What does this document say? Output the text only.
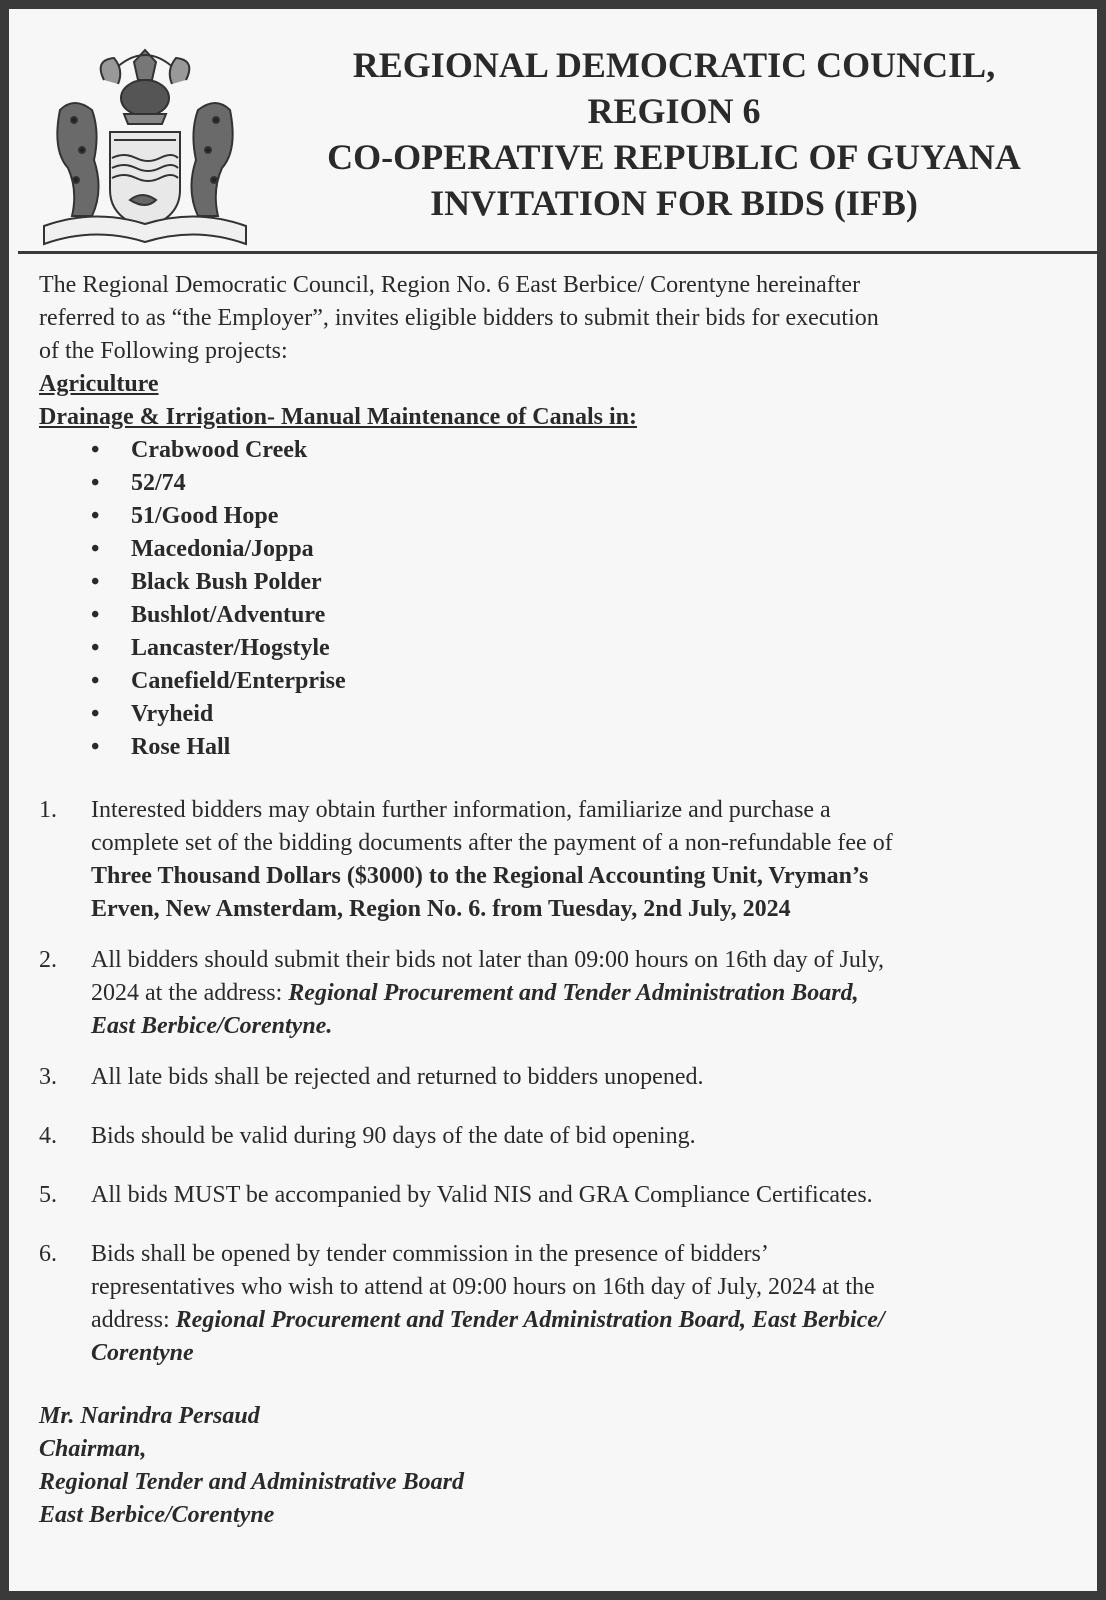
REGIONAL DEMOCRATIC COUNCIL,
REGION 6
CO-OPERATIVE REPUBLIC OF GUYANA
INVITATION FOR BIDS (IFB)

The Regional Democratic Council, Region No. 6 East Berbice/ Corentyne hereinafter
referred to as “the Employer”, invites eligible bidders to submit their bids for execution
of the Following projects:

Agriculture
Drainage & Irrigation- Manual Maintenance of Canals in:
• Crabwood Creek
• 52/74
• 51/Good Hope
• Macedonia/Joppa
• Black Bush Polder
• Bushlot/Adventure
• Lancaster/Hogstyle
• Canefield/Enterprise
• Vryheid
• Rose Hall
1. Interested bidders may obtain further information, familiarize and purchase a
complete set of the bidding documents after the payment of a non-refundable fee of
Three Thousand Dollars ($3000) to the Regional Accounting Unit, Vryman’s
Erven, New Amsterdam, Region No. 6. from Tuesday, 2nd July, 2024
2. All bidders should submit their bids not later than 09:00 hours on 16th day of July,
2024 at the address: Regional Procurement and Tender Administration Board,
East Berbice/Corentyne.
3. All late bids shall be rejected and returned to bidders unopened.
4. Bids should be valid during 90 days of the date of bid opening.
5. All bids MUST be accompanied by Valid NIS and GRA Compliance Certificates.
6. Bids shall be opened by tender commission in the presence of bidders’
representatives who wish to attend at 09:00 hours on 16th day of July, 2024 at the
address: Regional Procurement and Tender Administration Board, East Berbice/
Corentyne
Mr. Narindra Persaud
Chairman,
Regional Tender and Administrative Board
East Berbice/Corentyne
